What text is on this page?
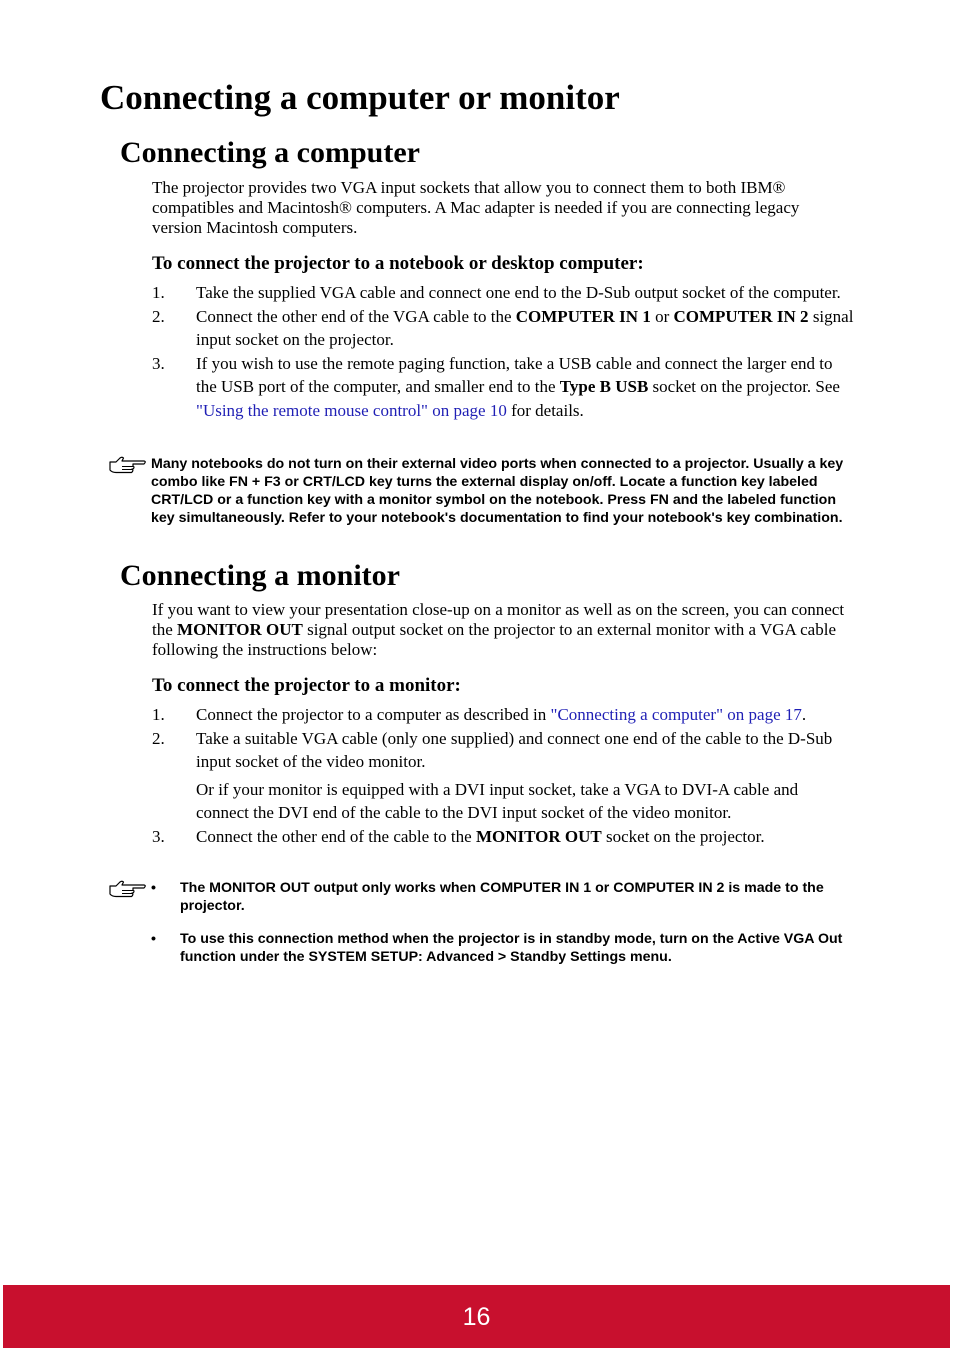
Connecting a computer or monitor
Connecting a computer

The projector provides two VGA input sockets that allow you to connect them to both IBM® compatibles and Macintosh® computers. A Mac adapter is needed if you are connecting legacy version Macintosh computers.

To connect the projector to a notebook or desktop computer:
1. Take the supplied VGA cable and connect one end to the D-Sub output socket of the computer.
2. Connect the other end of the VGA cable to the COMPUTER IN 1 or COMPUTER IN 2 signal input socket on the projector.
3. If you wish to use the remote paging function, take a USB cable and connect the larger end to the USB port of the computer, and smaller end to the Type B USB socket on the projector. See "Using the remote mouse control" on page 10 for details.

Many notebooks do not turn on their external video ports when connected to a projector. Usually a key combo like FN + F3 or CRT/LCD key turns the external display on/off. Locate a function key labeled CRT/LCD or a function key with a monitor symbol on the notebook. Press FN and the labeled function key simultaneously. Refer to your notebook's documentation to find your notebook's key combination.

Connecting a monitor

If you want to view your presentation close-up on a monitor as well as on the screen, you can connect the MONITOR OUT signal output socket on the projector to an external monitor with a VGA cable following the instructions below:

To connect the projector to a monitor:
1. Connect the projector to a computer as described in "Connecting a computer" on page 17.
2. Take a suitable VGA cable (only one supplied) and connect one end of the cable to the D-Sub input socket of the video monitor.
Or if your monitor is equipped with a DVI input socket, take a VGA to DVI-A cable and connect the DVI end of the cable to the DVI input socket of the video monitor.
3. Connect the other end of the cable to the MONITOR OUT socket on the projector.
• The MONITOR OUT output only works when COMPUTER IN 1 or COMPUTER IN 2 is made to the projector.
• To use this connection method when the projector is in standby mode, turn on the Active VGA Out function under the SYSTEM SETUP: Advanced > Standby Settings menu.
16
